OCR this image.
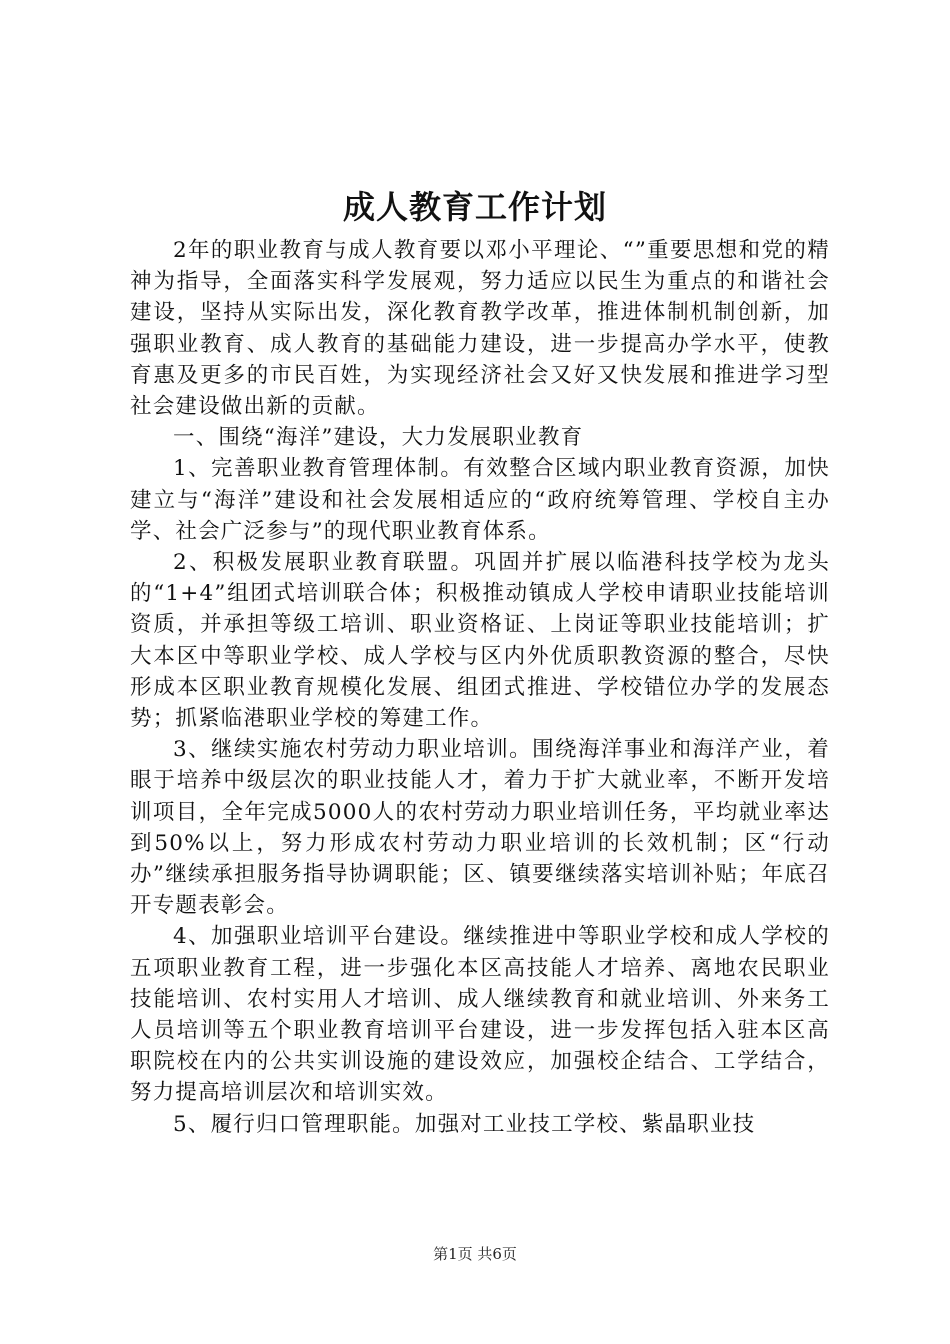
成人教育工作计划

2年的职业教育与成人教育要以邓小平理论、“”重要思想和党的精神为指导，全面落实科学发展观，努力适应以民生为重点的和谐社会建设，坚持从实际出发，深化教育教学改革，推进体制机制创新，加强职业教育、成人教育的基础能力建设，进一步提高办学水平，使教育惠及更多的市民百姓，为实现经济社会又好又快发展和推进学习型社会建设做出新的贡献。

一、围绕“海洋”建设，大力发展职业教育

1、完善职业教育管理体制。有效整合区域内职业教育资源，加快建立与“海洋”建设和社会发展相适应的“政府统筹管理、学校自主办学、社会广泛参与”的现代职业教育体系。

2、积极发展职业教育联盟。巩固并扩展以临港科技学校为龙头的“1+4”组团式培训联合体；积极推动镇成人学校申请职业技能培训资质，并承担等级工培训、职业资格证、上岗证等职业技能培训；扩大本区中等职业学校、成人学校与区内外优质职教资源的整合，尽快形成本区职业教育规模化发展、组团式推进、学校错位办学的发展态势；抓紧临港职业学校的筹建工作。

3、继续实施农村劳动力职业培训。围绕海洋事业和海洋产业，着眼于培养中级层次的职业技能人才，着力于扩大就业率，不断开发培训项目，全年完成5000人的农村劳动力职业培训任务，平均就业率达到50%以上，努力形成农村劳动力职业培训的长效机制；区“行动办”继续承担服务指导协调职能；区、镇要继续落实培训补贴；年底召开专题表彰会。

4、加强职业培训平台建设。继续推进中等职业学校和成人学校的五项职业教育工程，进一步强化本区高技能人才培养、离地农民职业技能培训、农村实用人才培训、成人继续教育和就业培训、外来务工人员培训等五个职业教育培训平台建设，进一步发挥包括入驻本区高职院校在内的公共实训设施的建设效应，加强校企结合、工学结合，努力提高培训层次和培训实效。

5、履行归口管理职能。加强对工业技工学校、紫晶职业技

第1页 共6页
